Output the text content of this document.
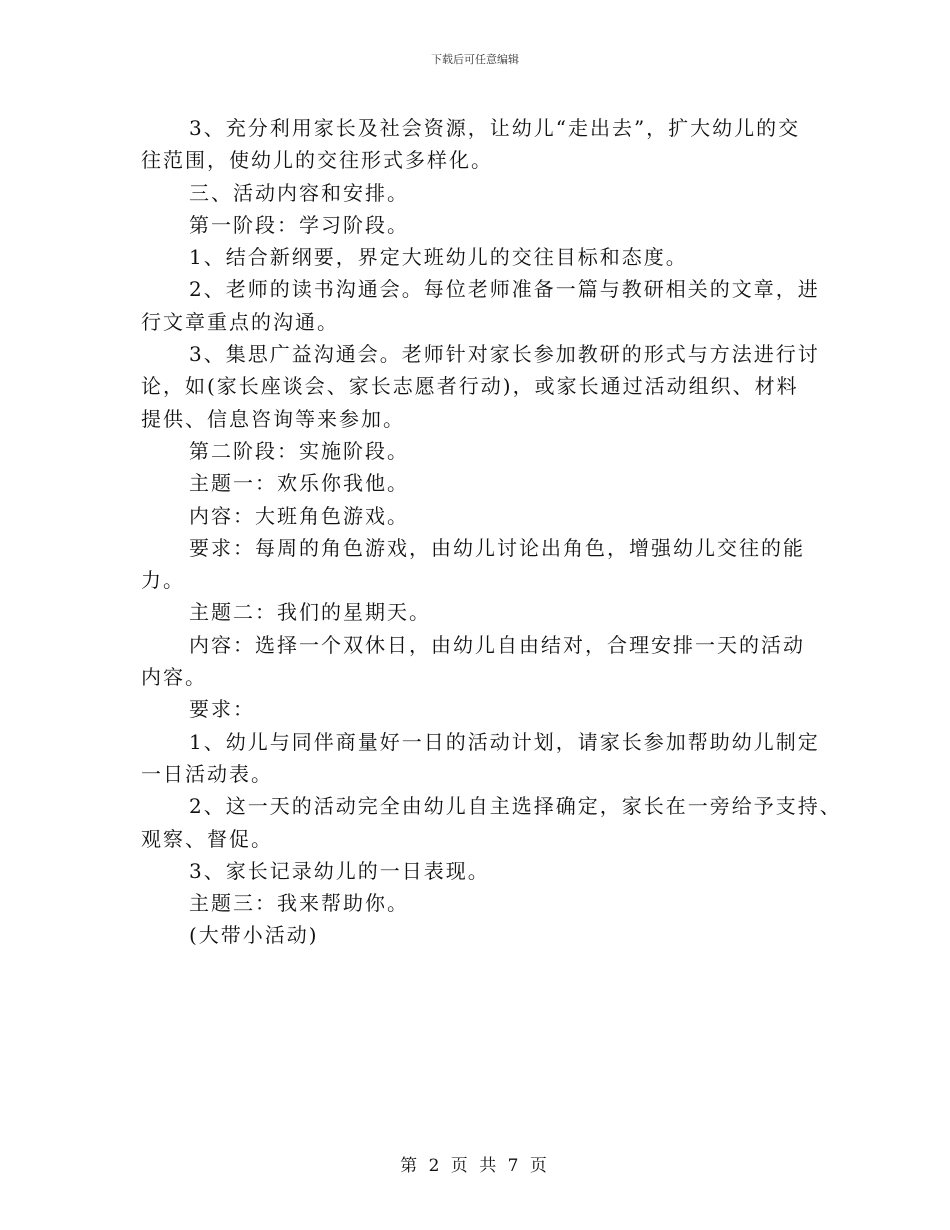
下载后可任意编辑

3、充分利用家长及社会资源，让幼儿“走出去”，扩大幼儿的交

往范围，使幼儿的交往形式多样化。

三、活动内容和安排。

第一阶段：学习阶段。

1、结合新纲要，界定大班幼儿的交往目标和态度。

2、老师的读书沟通会。每位老师准备一篇与教研相关的文章，进

行文章重点的沟通。

3、集思广益沟通会。老师针对家长参加教研的形式与方法进行讨

论，如(家长座谈会、家长志愿者行动)，或家长通过活动组织、材料

提供、信息咨询等来参加。

第二阶段：实施阶段。

主题一：欢乐你我他。

内容：大班角色游戏。

要求：每周的角色游戏，由幼儿讨论出角色，增强幼儿交往的能

力。

主题二：我们的星期天。

内容：选择一个双休日，由幼儿自由结对，合理安排一天的活动

内容。

要求：

1、幼儿与同伴商量好一日的活动计划，请家长参加帮助幼儿制定

一日活动表。

2、这一天的活动完全由幼儿自主选择确定，家长在一旁给予支持、

观察、督促。

3、家长记录幼儿的一日表现。

主题三：我来帮助你。

(大带小活动)

第 2 页 共 7 页
